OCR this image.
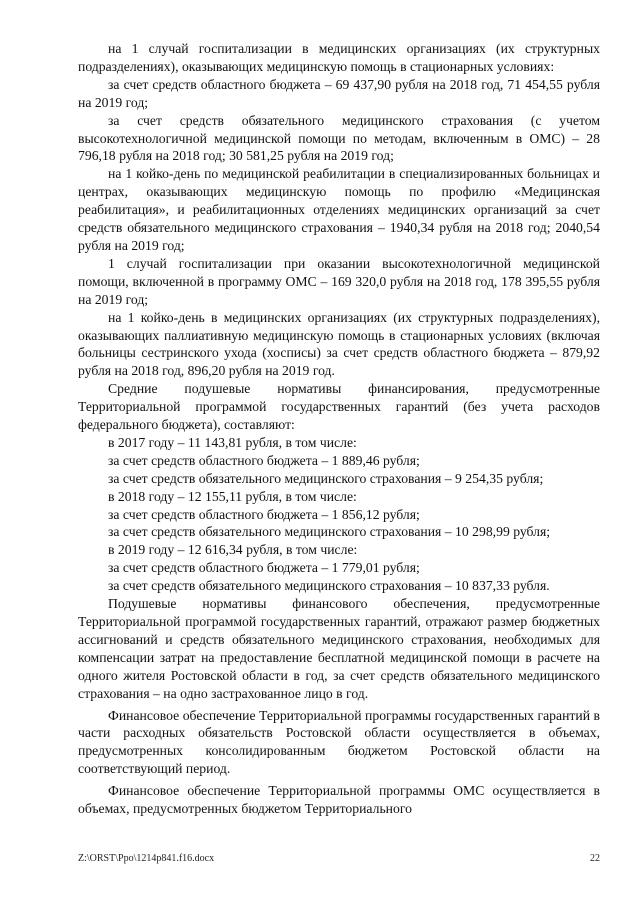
на 1 случай госпитализации в медицинских организациях (их структурных подразделениях), оказывающих медицинскую помощь в стационарных условиях:

за счет средств областного бюджета – 69 437,90 рубля на 2018 год, 71 454,55 рубля на 2019 год;

за счет средств обязательного медицинского страхования (с учетом высокотехнологичной медицинской помощи по методам, включенным в ОМС) – 28 796,18 рубля на 2018 год; 30 581,25 рубля на 2019 год;

на 1 койко-день по медицинской реабилитации в специализированных больницах и центрах, оказывающих медицинскую помощь по профилю «Медицинская реабилитация», и реабилитационных отделениях медицинских организаций за счет средств обязательного медицинского страхования – 1940,34 рубля на 2018 год; 2040,54 рубля на 2019 год;

1 случай госпитализации при оказании высокотехнологичной медицинской помощи, включенной в программу ОМС – 169 320,0 рубля на 2018 год, 178 395,55 рубля на 2019 год;

на 1 койко-день в медицинских организациях (их структурных подразделениях), оказывающих паллиативную медицинскую помощь в стационарных условиях (включая больницы сестринского ухода (хосписы) за счет средств областного бюджета – 879,92 рубля на 2018 год, 896,20 рубля на 2019 год.

Средние подушевые нормативы финансирования, предусмотренные Территориальной программой государственных гарантий (без учета расходов федерального бюджета), составляют:

в 2017 году – 11 143,81 рубля, в том числе:

за счет средств областного бюджета – 1 889,46 рубля;

за счет средств обязательного медицинского страхования – 9 254,35 рубля;

в 2018 году – 12 155,11 рубля, в том числе:

за счет средств областного бюджета – 1 856,12 рубля;

за счет средств обязательного медицинского страхования – 10 298,99 рубля;

в 2019 году – 12 616,34 рубля, в том числе:

за счет средств областного бюджета – 1 779,01 рубля;

за счет средств обязательного медицинского страхования – 10 837,33 рубля.

Подушевые нормативы финансового обеспечения, предусмотренные Территориальной программой государственных гарантий, отражают размер бюджетных ассигнований и средств обязательного медицинского страхования, необходимых для компенсации затрат на предоставление бесплатной медицинской помощи в расчете на одного жителя Ростовской области в год, за счет средств обязательного медицинского страхования – на одно застрахованное лицо в год.

Финансовое обеспечение Территориальной программы государственных гарантий в части расходных обязательств Ростовской области осуществляется в объемах, предусмотренных консолидированным бюджетом Ростовской области на соответствующий период.

Финансовое обеспечение Территориальной программы ОМС осуществляется в объемах, предусмотренных бюджетом Территориального

Z:\ORST\Ppo\1214p841.f16.docx	22
